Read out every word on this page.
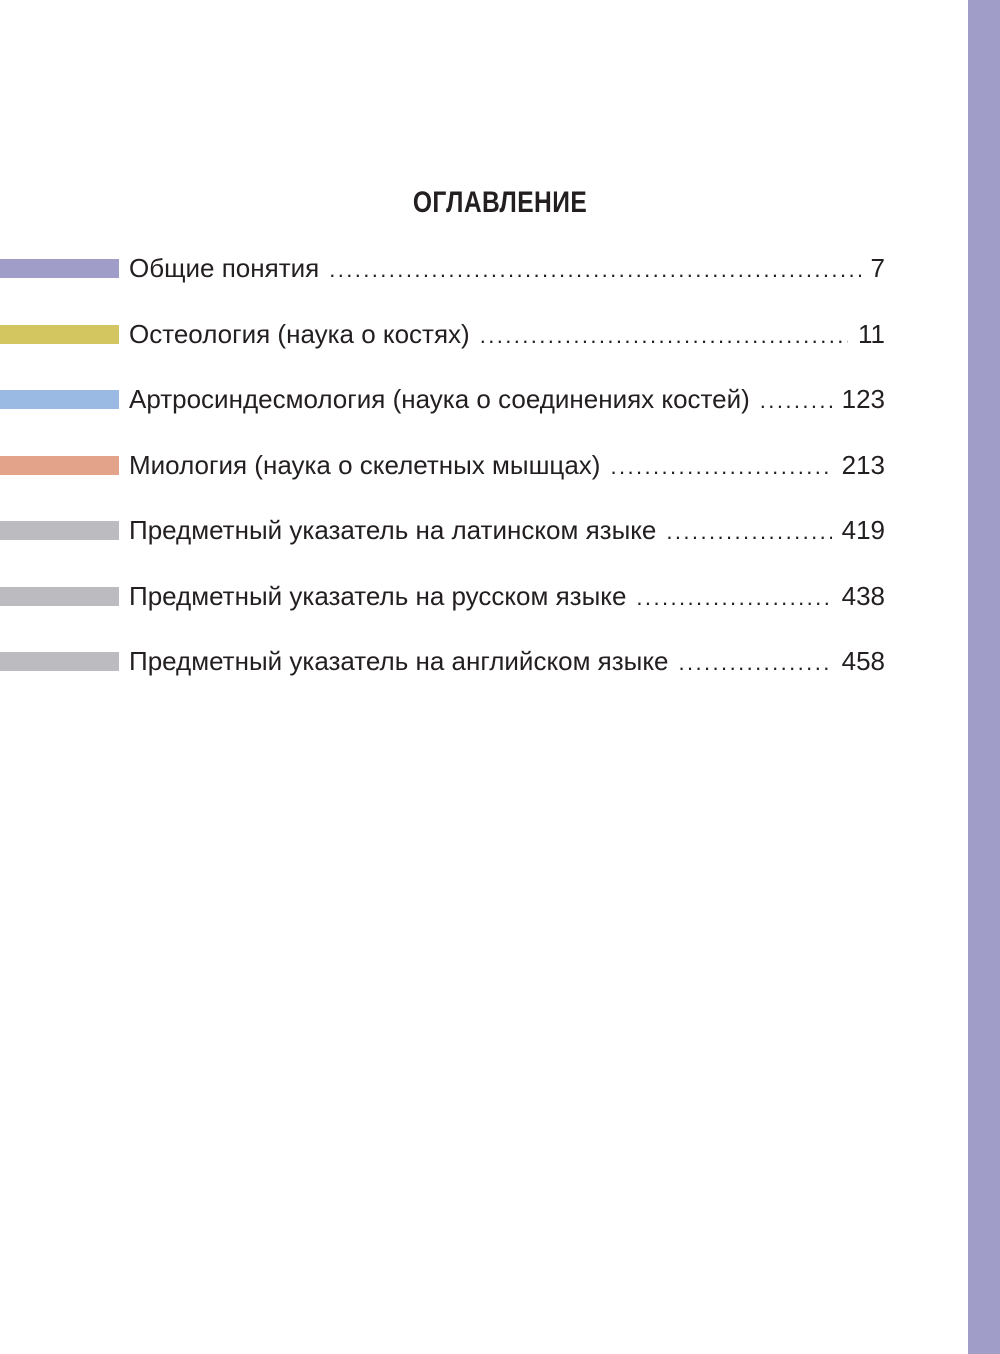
ОГЛАВЛЕНИЕ
Общие понятия .....	7
Остеология (наука о костях) .....	11
Артросиндесмология (наука о соединениях костей) .....	123
Миология (наука о скелетных мышцах) .....	213
Предметный указатель на латинском языке .....	419
Предметный указатель на русском языке .....	438
Предметный указатель на английском языке .....	458
